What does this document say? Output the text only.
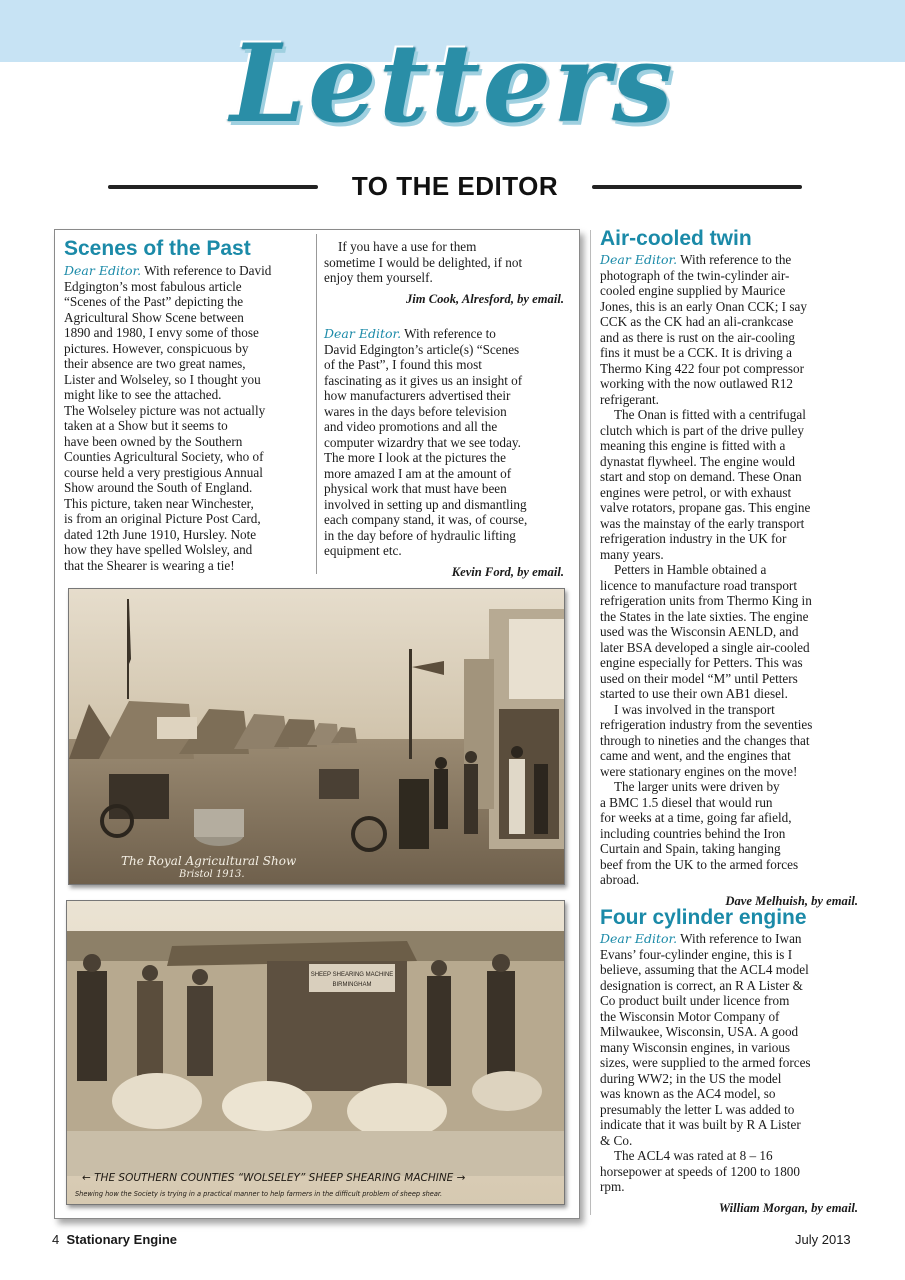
Letters
TO THE EDITOR
Scenes of the Past

Dear Editor. With reference to David

Edgington’s most fabulous article

“Scenes of the Past” depicting the

Agricultural Show Scene between

1890 and 1980, I envy some of those

pictures. However, conspicuous by

their absence are two great names,

Lister and Wolseley, so I thought you

might like to see the attached.

The Wolseley picture was not actually

taken at a Show but it seems to

have been owned by the Southern

Counties Agricultural Society, who of

course held a very prestigious Annual

Show around the South of England.

This picture, taken near Winchester,

is from an original Picture Post Card,

dated 12th June 1910, Hursley. Note

how they have spelled Wolsley, and

that the Shearer is wearing a tie!

If you have a use for them

sometime I would be delighted, if not

enjoy them yourself.

Jim Cook, Alresford, by email.

Dear Editor. With reference to

David Edgington’s article(s) “Scenes

of the Past”, I found this most

fascinating as it gives us an insight of

how manufacturers advertised their

wares in the days before television

and video promotions and all the

computer wizardry that we see today.

The more I look at the pictures the

more amazed I am at the amount of

physical work that must have been

involved in setting up and dismantling

each company stand, it was, of course,

in the day before of hydraulic lifting

equipment etc.

Kevin Ford, by email.

The Royal Agricultural Show
Bristol 1913.
SHEEP SHEARING MACHINE
BIRMINGHAM
← THE SOUTHERN COUNTIES “WOLSELEY” SHEEP SHEARING MACHINE →
Shewing how the Society is trying in a practical manner to help farmers in the difficult problem of sheep shear.
Air-cooled twin

Dear Editor. With reference to the

photograph of the twin-cylinder air-

cooled engine supplied by Maurice

Jones, this is an early Onan CCK; I say

CCK as the CK had an ali-crankcase

and as there is rust on the air-cooling

fins it must be a CCK. It is driving a

Thermo King 422 four pot compressor

working with the now outlawed R12

refrigerant.

The Onan is fitted with a centrifugal

clutch which is part of the drive pulley

meaning this engine is fitted with a

dynastat flywheel. The engine would

start and stop on demand. These Onan

engines were petrol, or with exhaust

valve rotators, propane gas. This engine

was the mainstay of the early transport

refrigeration industry in the UK for

many years.

Petters in Hamble obtained a

licence to manufacture road transport

refrigeration units from Thermo King in

the States in the late sixties. The engine

used was the Wisconsin AENLD, and

later BSA developed a single air-cooled

engine especially for Petters. This was

used on their model “M” until Petters

started to use their own AB1 diesel.

I was involved in the transport

refrigeration industry from the seventies

through to nineties and the changes that

came and went, and the engines that

were stationary engines on the move!

The larger units were driven by

a BMC 1.5 diesel that would run

for weeks at a time, going far afield,

including countries behind the Iron

Curtain and Spain, taking hanging

beef from the UK to the armed forces

abroad.

Dave Melhuish, by email.

Four cylinder engine

Dear Editor. With reference to Iwan

Evans’ four-cylinder engine, this is I

believe, assuming that the ACL4 model

designation is correct, an R A Lister &

Co product built under licence from

the Wisconsin Motor Company of

Milwaukee, Wisconsin, USA. A good

many Wisconsin engines, in various

sizes, were supplied to the armed forces

during WW2; in the US the model

was known as the AC4 model, so

presumably the letter L was added to

indicate that it was built by R A Lister

& Co.

The ACL4 was rated at 8 – 16

horsepower at speeds of 1200 to 1800

rpm.

William Morgan, by email.

4 Stationary Engine	July 2013
